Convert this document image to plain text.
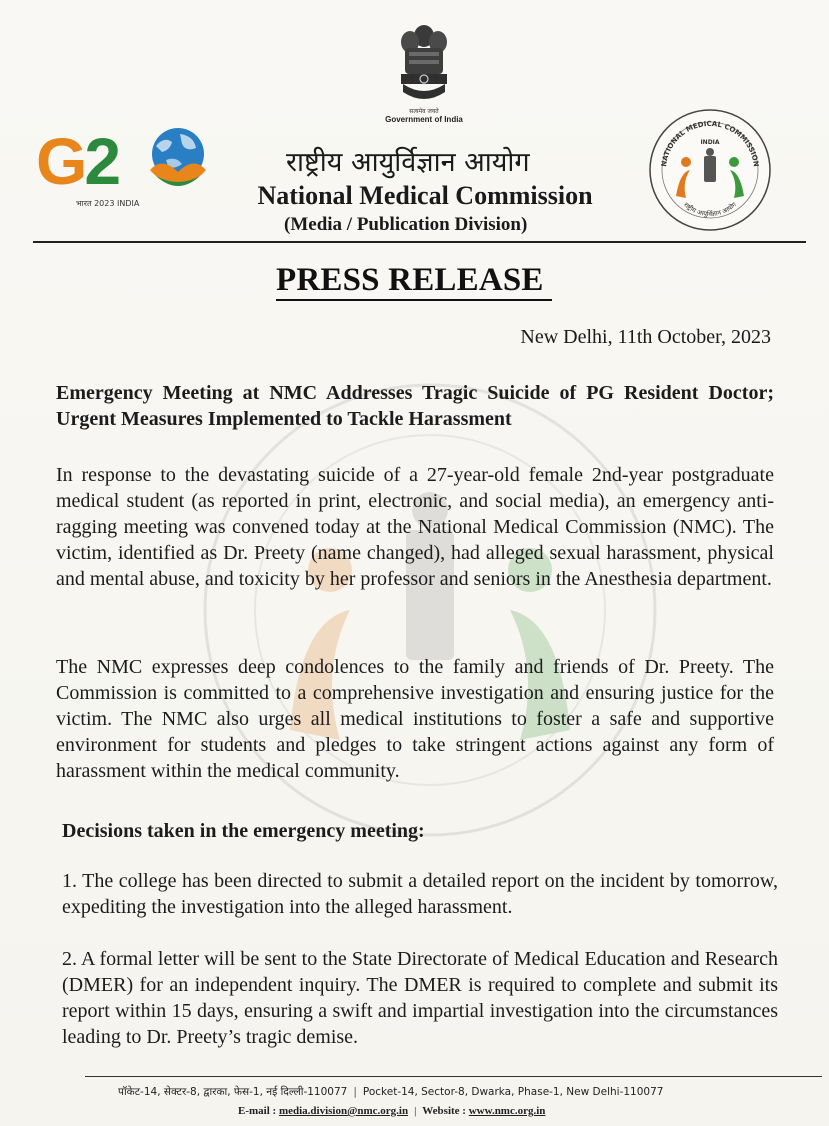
सत्यमेव जयते
Government of India
G2
भारत 2023 INDIA
राष्ट्रीय आयुर्विज्ञान आयोग
National Medical Commission
(Media / Publication Division)
NATIONAL MEDICAL COMMISSION
INDIA
राष्ट्रीय आयुर्विज्ञान आयोग
PRESS RELEASE
New Delhi, 11th October, 2023
Emergency Meeting at NMC Addresses Tragic Suicide of PG Resident Doctor; Urgent Measures Implemented to Tackle Harassment
In response to the devastating suicide of a 27-year-old female 2nd-year postgraduate medical student (as reported in print, electronic, and social media), an emergency anti-ragging meeting was convened today at the National Medical Commission (NMC). The victim, identified as Dr. Preety (name changed), had alleged sexual harassment, physical and mental abuse, and toxicity by her professor and seniors in the Anesthesia department.
The NMC expresses deep condolences to the family and friends of Dr. Preety. The Commission is committed to a comprehensive investigation and ensuring justice for the victim. The NMC also urges all medical institutions to foster a safe and supportive environment for students and pledges to take stringent actions against any form of harassment within the medical community.
Decisions taken in the emergency meeting:
1. The college has been directed to submit a detailed report on the incident by tomorrow, expediting the investigation into the alleged harassment.
2. A formal letter will be sent to the State Directorate of Medical Education and Research (DMER) for an independent inquiry. The DMER is required to complete and submit its report within 15 days, ensuring a swift and impartial investigation into the circumstances leading to Dr. Preety’s tragic demise.
पॉकेट-14, सेक्टर-8, द्वारका, फेस-1, नई दिल्ली-110077 | Pocket-14, Sector-8, Dwarka, Phase-1, New Delhi-110077
E-mail : media.division@nmc.org.in | Website : www.nmc.org.in
